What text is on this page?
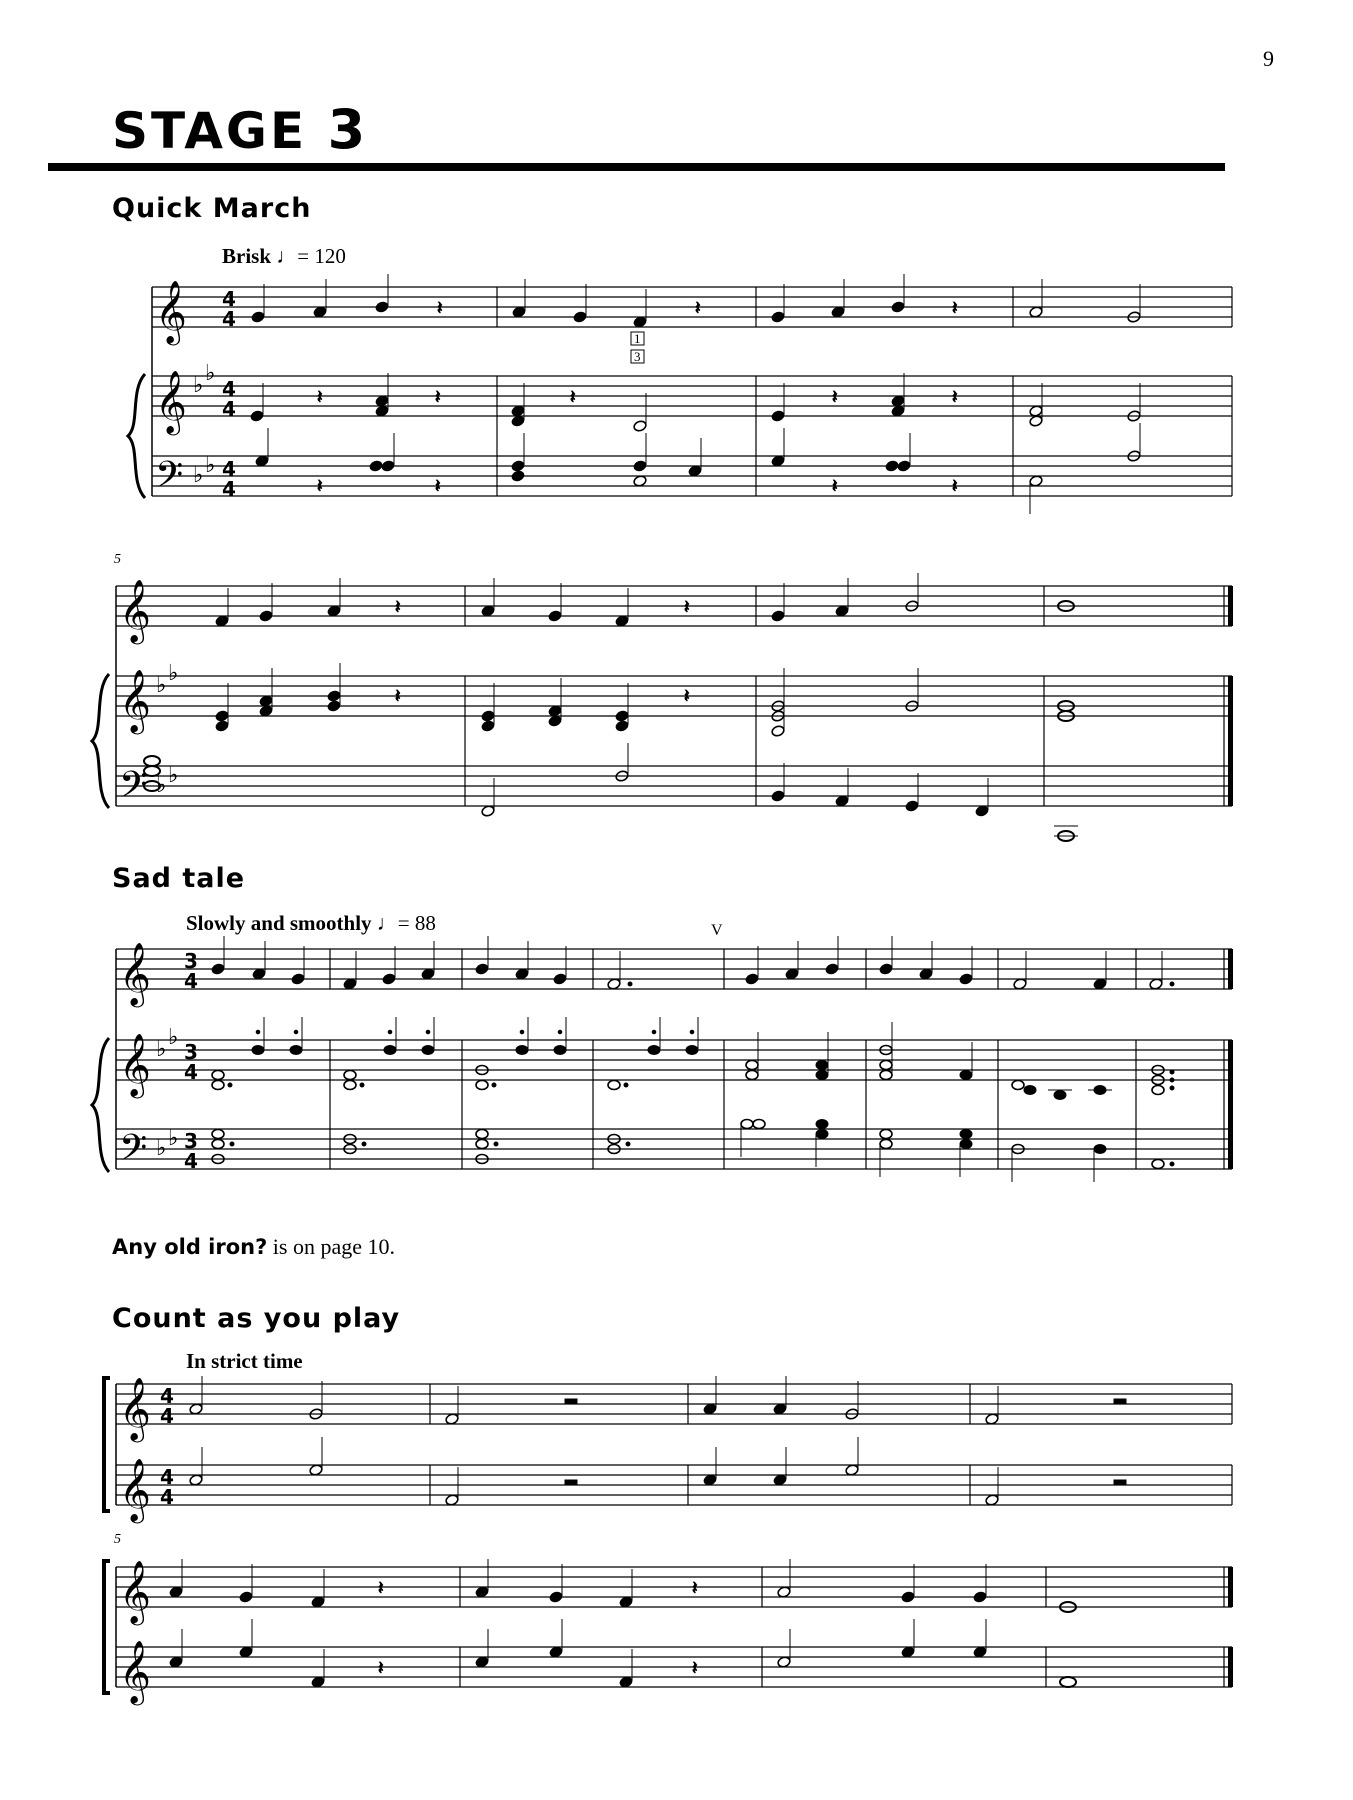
9
STAGE 3
Quick March
Brisk ♩= 120
5
𝄞
𝄞
𝄢
𝄞
𝄞
𝄢
♭ ♭
♭ ♭
♭ ♭
♭ ♭
4
4
4
4
4
4
𝄽	𝄽	𝄽
1
3
𝄽	𝄽
𝄽	𝄽	𝄽	𝄽	𝄽
𝄽	𝄽	𝄽	𝄽
𝄽	𝄽
Sad tale
Slowly and smoothly ♩= 88	V
𝄞
𝄞
𝄢
♭ ♭
♭ ♭
3
4
3
4
3
4
Any old iron? is on page 10.
Count as you play
In strict time
5
𝄞
𝄞
𝄞
𝄞
4
4
4
4
𝄽	𝄽
𝄽	𝄽
